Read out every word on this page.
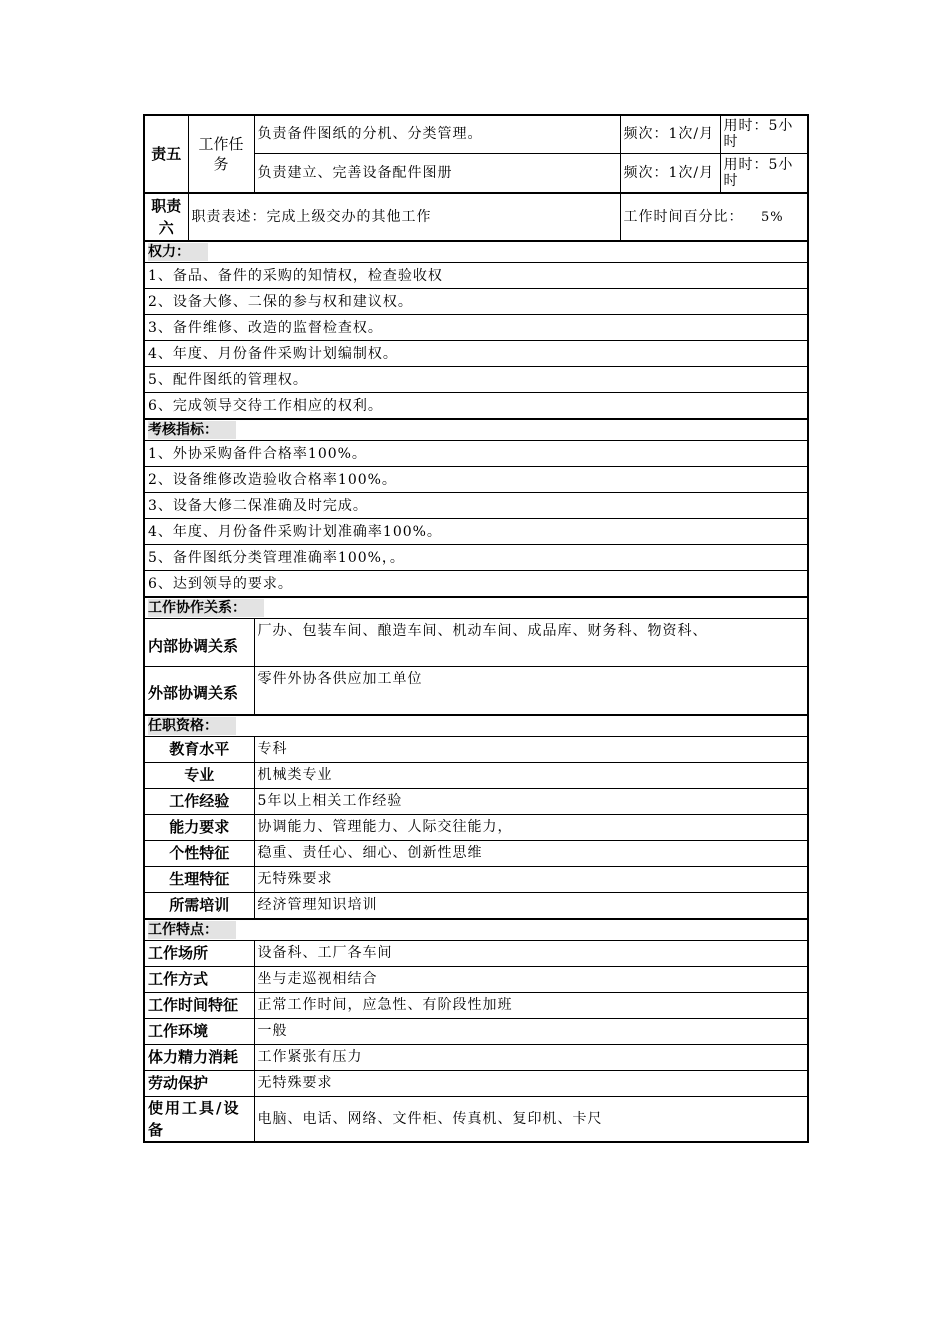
责五	工作任务	负责备件图纸的分机、分类管理。	频次：1次/月	用时：5小时
		负责建立、完善设备配件图册	频次：1次/月	用时：5小时
职责六	职责表述：完成上级交办的其他工作		工作时间百分比： 5%	
权力：				
1、备品、备件的采购的知情权，检查验收权				
2、设备大修、二保的参与权和建议权。				
3、备件维修、改造的监督检查权。				
4、年度、月份备件采购计划编制权。				
5、配件图纸的管理权。				
6、完成领导交待工作相应的权利。				
考核指标：				
1、外协采购备件合格率100%。				
2、设备维修改造验收合格率100%。				
3、设备大修二保准确及时完成。				
4、年度、月份备件采购计划准确率100%。				
5、备件图纸分类管理准确率100%，。				
6、达到领导的要求。				
工作协作关系：				
内部协调关系		厂办、包装车间、酿造车间、机动车间、成品库、财务科、物资科、		
外部协调关系		零件外协各供应加工单位		
任职资格：				
教育水平		专科		
专业		机械类专业		
工作经验		5年以上相关工作经验		
能力要求		协调能力、管理能力、人际交往能力，		
个性特征		稳重、责任心、细心、创新性思维		
生理特征		无特殊要求		
所需培训		经济管理知识培训		
工作特点：				
工作场所		设备科、工厂各车间		
工作方式		坐与走巡视相结合		
工作时间特征		正常工作时间，应急性、有阶段性加班		
工作环境		一般		
体力精力消耗		工作紧张有压力		
劳动保护		无特殊要求		
使用工具/设备		电脑、电话、网络、文件柜、传真机、复印机、卡尺		
